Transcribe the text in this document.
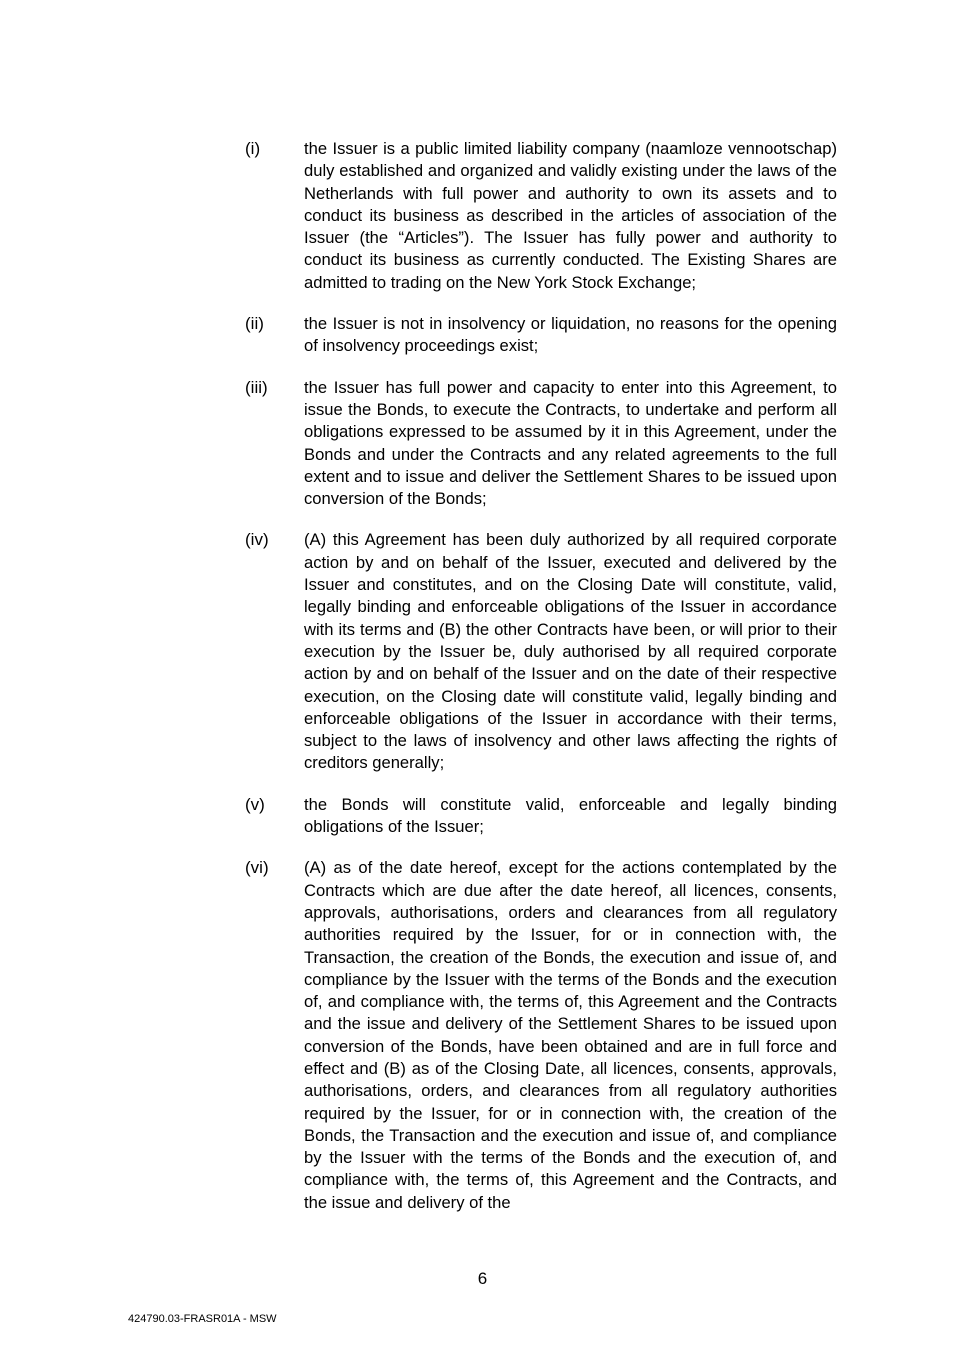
(i)	the Issuer is a public limited liability company (naamloze vennootschap) duly established and organized and validly existing under the laws of the Netherlands with full power and authority to own its assets and to conduct its business as described in the articles of association of the Issuer (the “Articles”). The Issuer has fully power and authority to conduct its business as currently conducted. The Existing Shares are admitted to trading on the New York Stock Exchange;
(ii)	the Issuer is not in insolvency or liquidation, no reasons for the opening of insolvency proceedings exist;
(iii)	the Issuer has full power and capacity to enter into this Agreement, to issue the Bonds, to execute the Contracts, to undertake and perform all obligations expressed to be assumed by it in this Agreement, under the Bonds and under the Contracts and any related agreements to the full extent and to issue and deliver the Settlement Shares to be issued upon conversion of the Bonds;
(iv)	(A) this Agreement has been duly authorized by all required corporate action by and on behalf of the Issuer, executed and delivered by the Issuer and constitutes, and on the Closing Date will constitute, valid, legally binding and enforceable obligations of the Issuer in accordance with its terms and (B) the other Contracts have been, or will prior to their execution by the Issuer be, duly authorised by all required corporate action by and on behalf of the Issuer and on the date of their respective execution, on the Closing date will constitute valid, legally binding and enforceable obligations of the Issuer in accordance with their terms, subject to the laws of insolvency and other laws affecting the rights of creditors generally;
(v)	the Bonds will constitute valid, enforceable and legally binding obligations of the Issuer;
(vi)	(A) as of the date hereof, except for the actions contemplated by the Contracts which are due after the date hereof, all licences, consents, approvals, authorisations, orders and clearances from all regulatory authorities required by the Issuer, for or in connection with, the Transaction, the creation of the Bonds, the execution and issue of, and compliance by the Issuer with the terms of the Bonds and the execution of, and compliance with, the terms of, this Agreement and the Contracts and the issue and delivery of the Settlement Shares to be issued upon conversion of the Bonds, have been obtained and are in full force and effect and (B) as of the Closing Date, all licences, consents, approvals, authorisations, orders, and clearances from all regulatory authorities required by the Issuer, for or in connection with, the creation of the Bonds, the Transaction and the execution and issue of, and compliance by the Issuer with the terms of the Bonds and the execution of, and compliance with, the terms of, this Agreement and the Contracts, and the issue and delivery of the
6
424790.03-FRASR01A - MSW
